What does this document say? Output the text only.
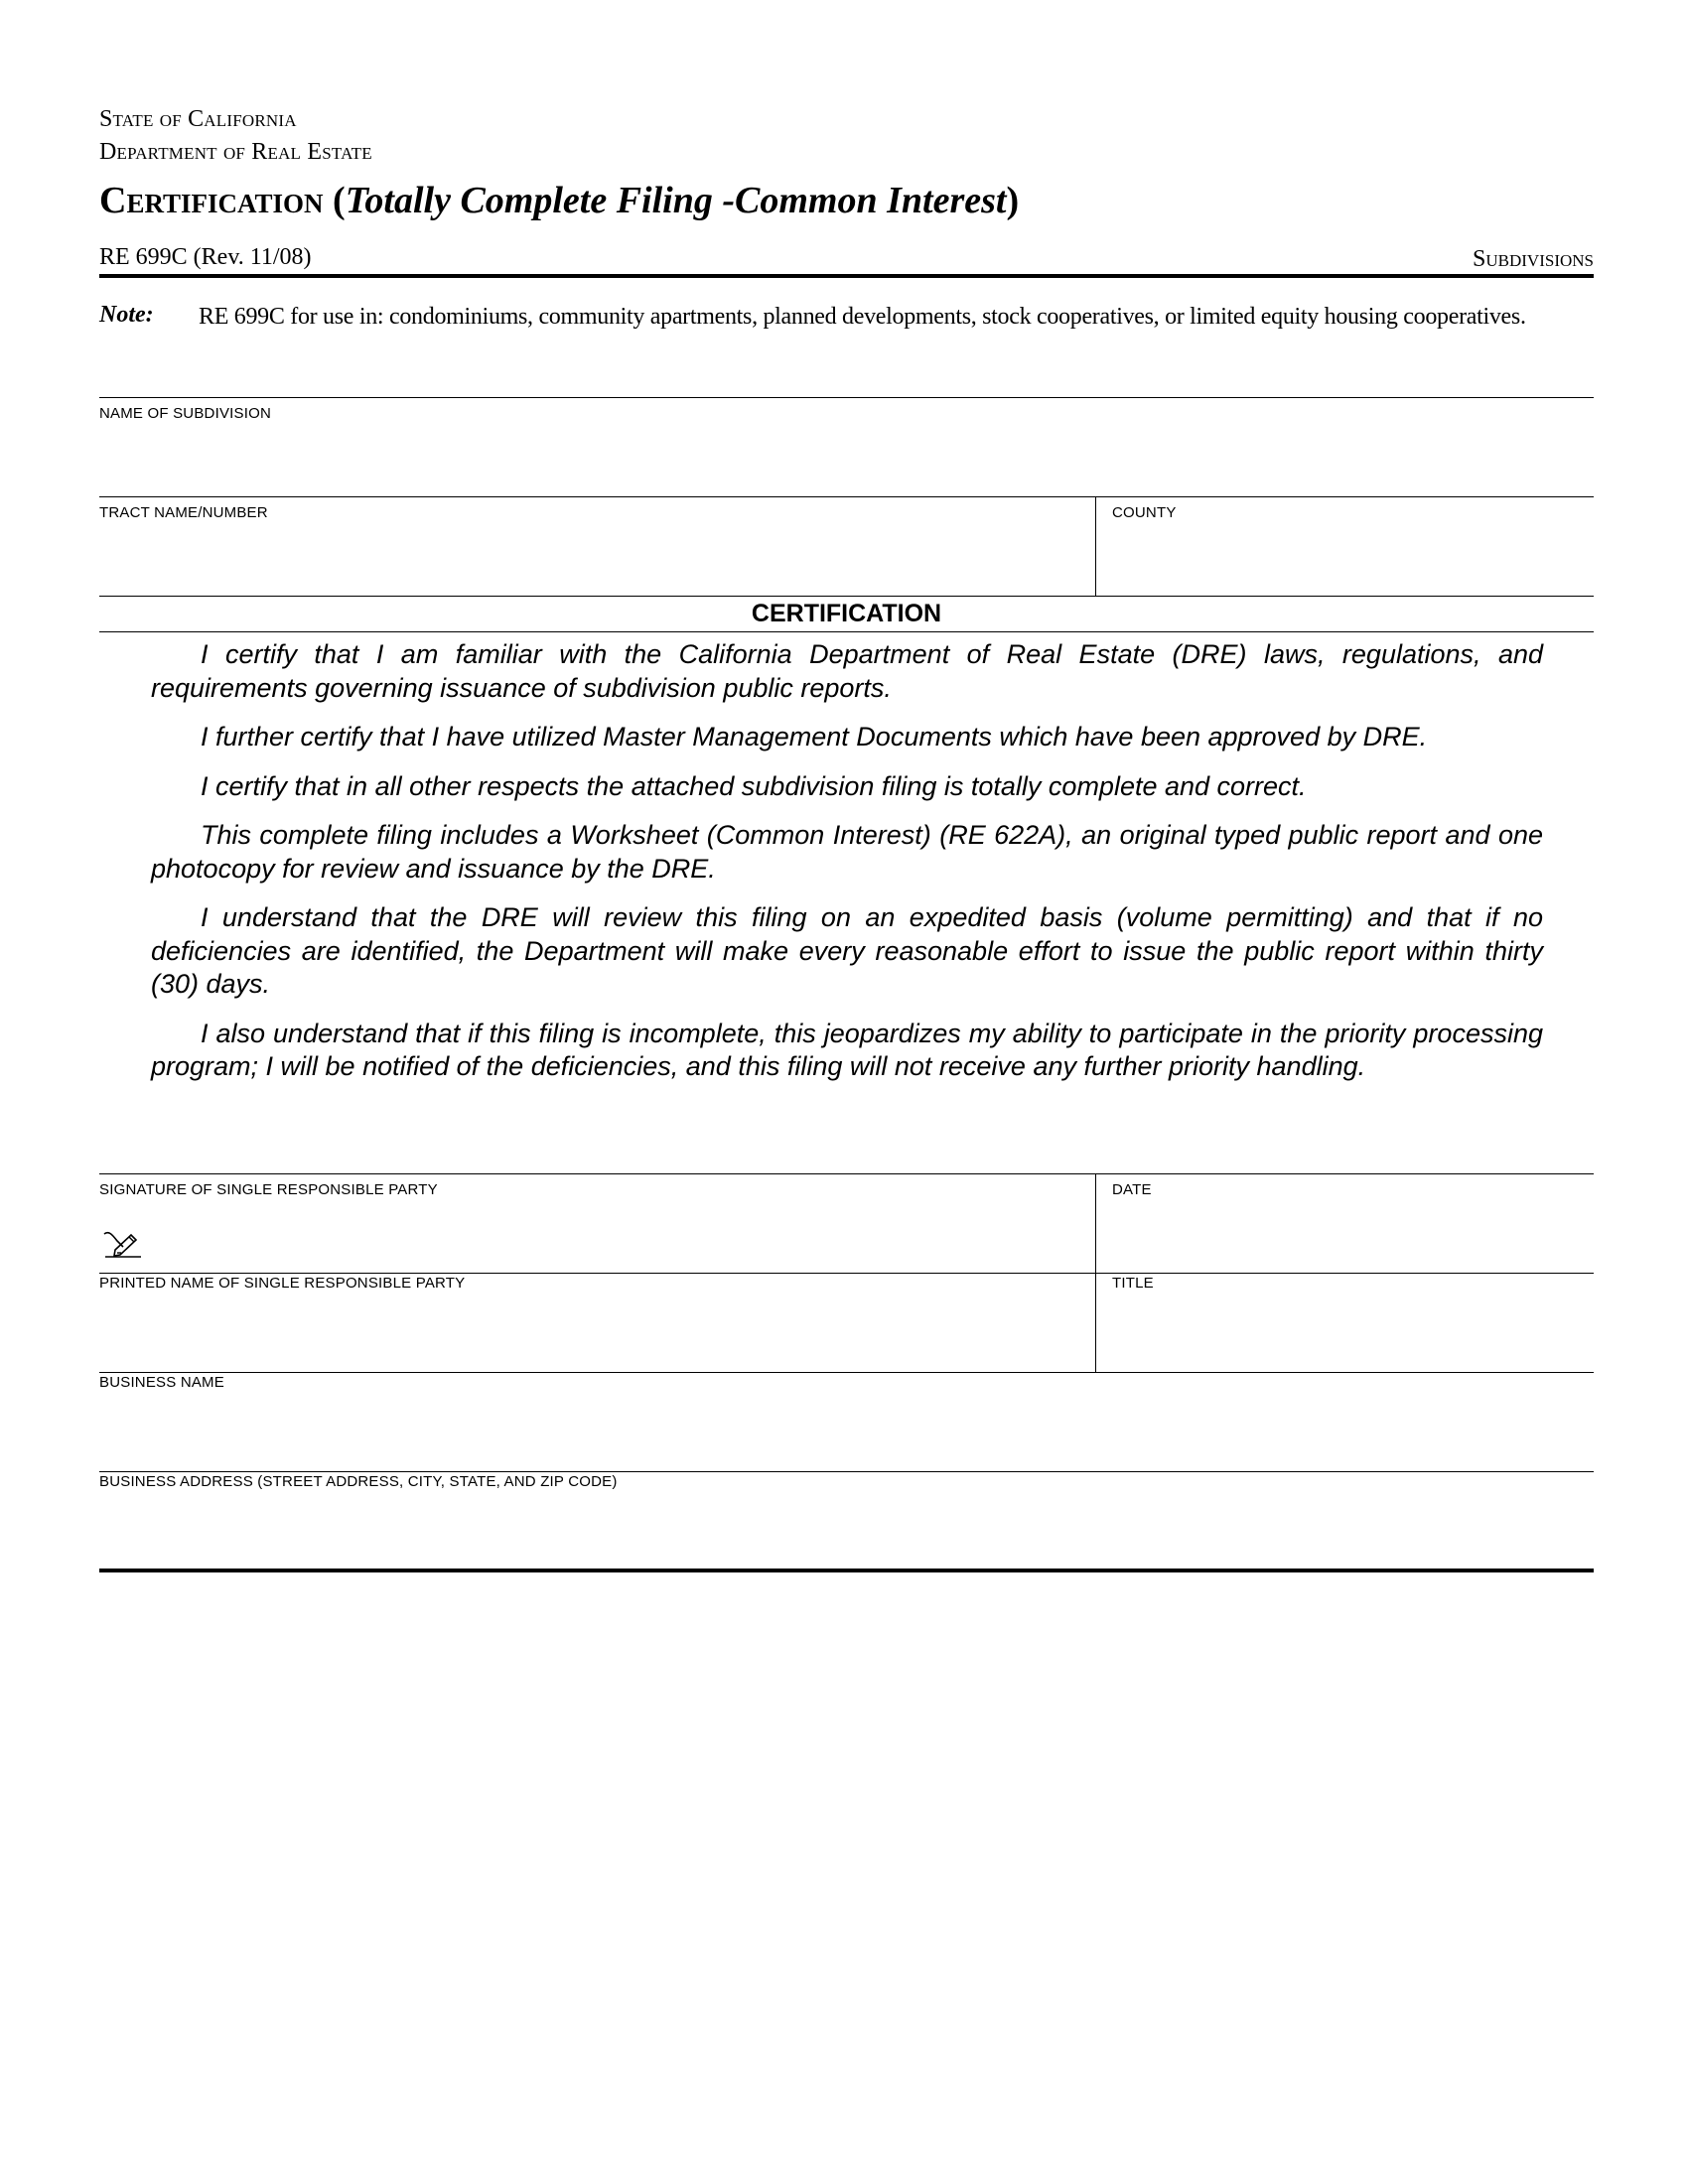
State of California
Department of Real Estate
Certification (Totally Complete Filing -Common Interest)
RE 699C (Rev. 11/08)	Subdivisions
Note: RE 699C for use in: condominiums, community apartments, planned developments, stock cooperatives, or limited equity housing cooperatives.
NAME OF SUBDIVISION
TRACT NAME/NUMBER	COUNTY
CERTIFICATION

I certify that I am familiar with the California Department of Real Estate (DRE) laws, regulations, and requirements governing issuance of subdivision public reports.

I further certify that I have utilized Master Management Documents which have been approved by DRE.

I certify that in all other respects the attached subdivision filing is totally complete and correct.

This complete filing includes a Worksheet (Common Interest) (RE 622A), an original typed public report and one photocopy for review and issuance by the DRE.

I understand that the DRE will review this filing on an expedited basis (volume permitting) and that if no deficiencies are identified, the Department will make every reasonable effort to issue the public report within thirty (30) days.

I also understand that if this filing is incomplete, this jeopardizes my ability to participate in the priority processing program; I will be notified of the deficiencies, and this filing will not receive any further priority handling.

SIGNATURE OF SINGLE RESPONSIBLE PARTY	DATE
PRINTED NAME OF SINGLE RESPONSIBLE PARTY	TITLE
BUSINESS NAME
BUSINESS ADDRESS (STREET ADDRESS, CITY, STATE, AND ZIP CODE)
